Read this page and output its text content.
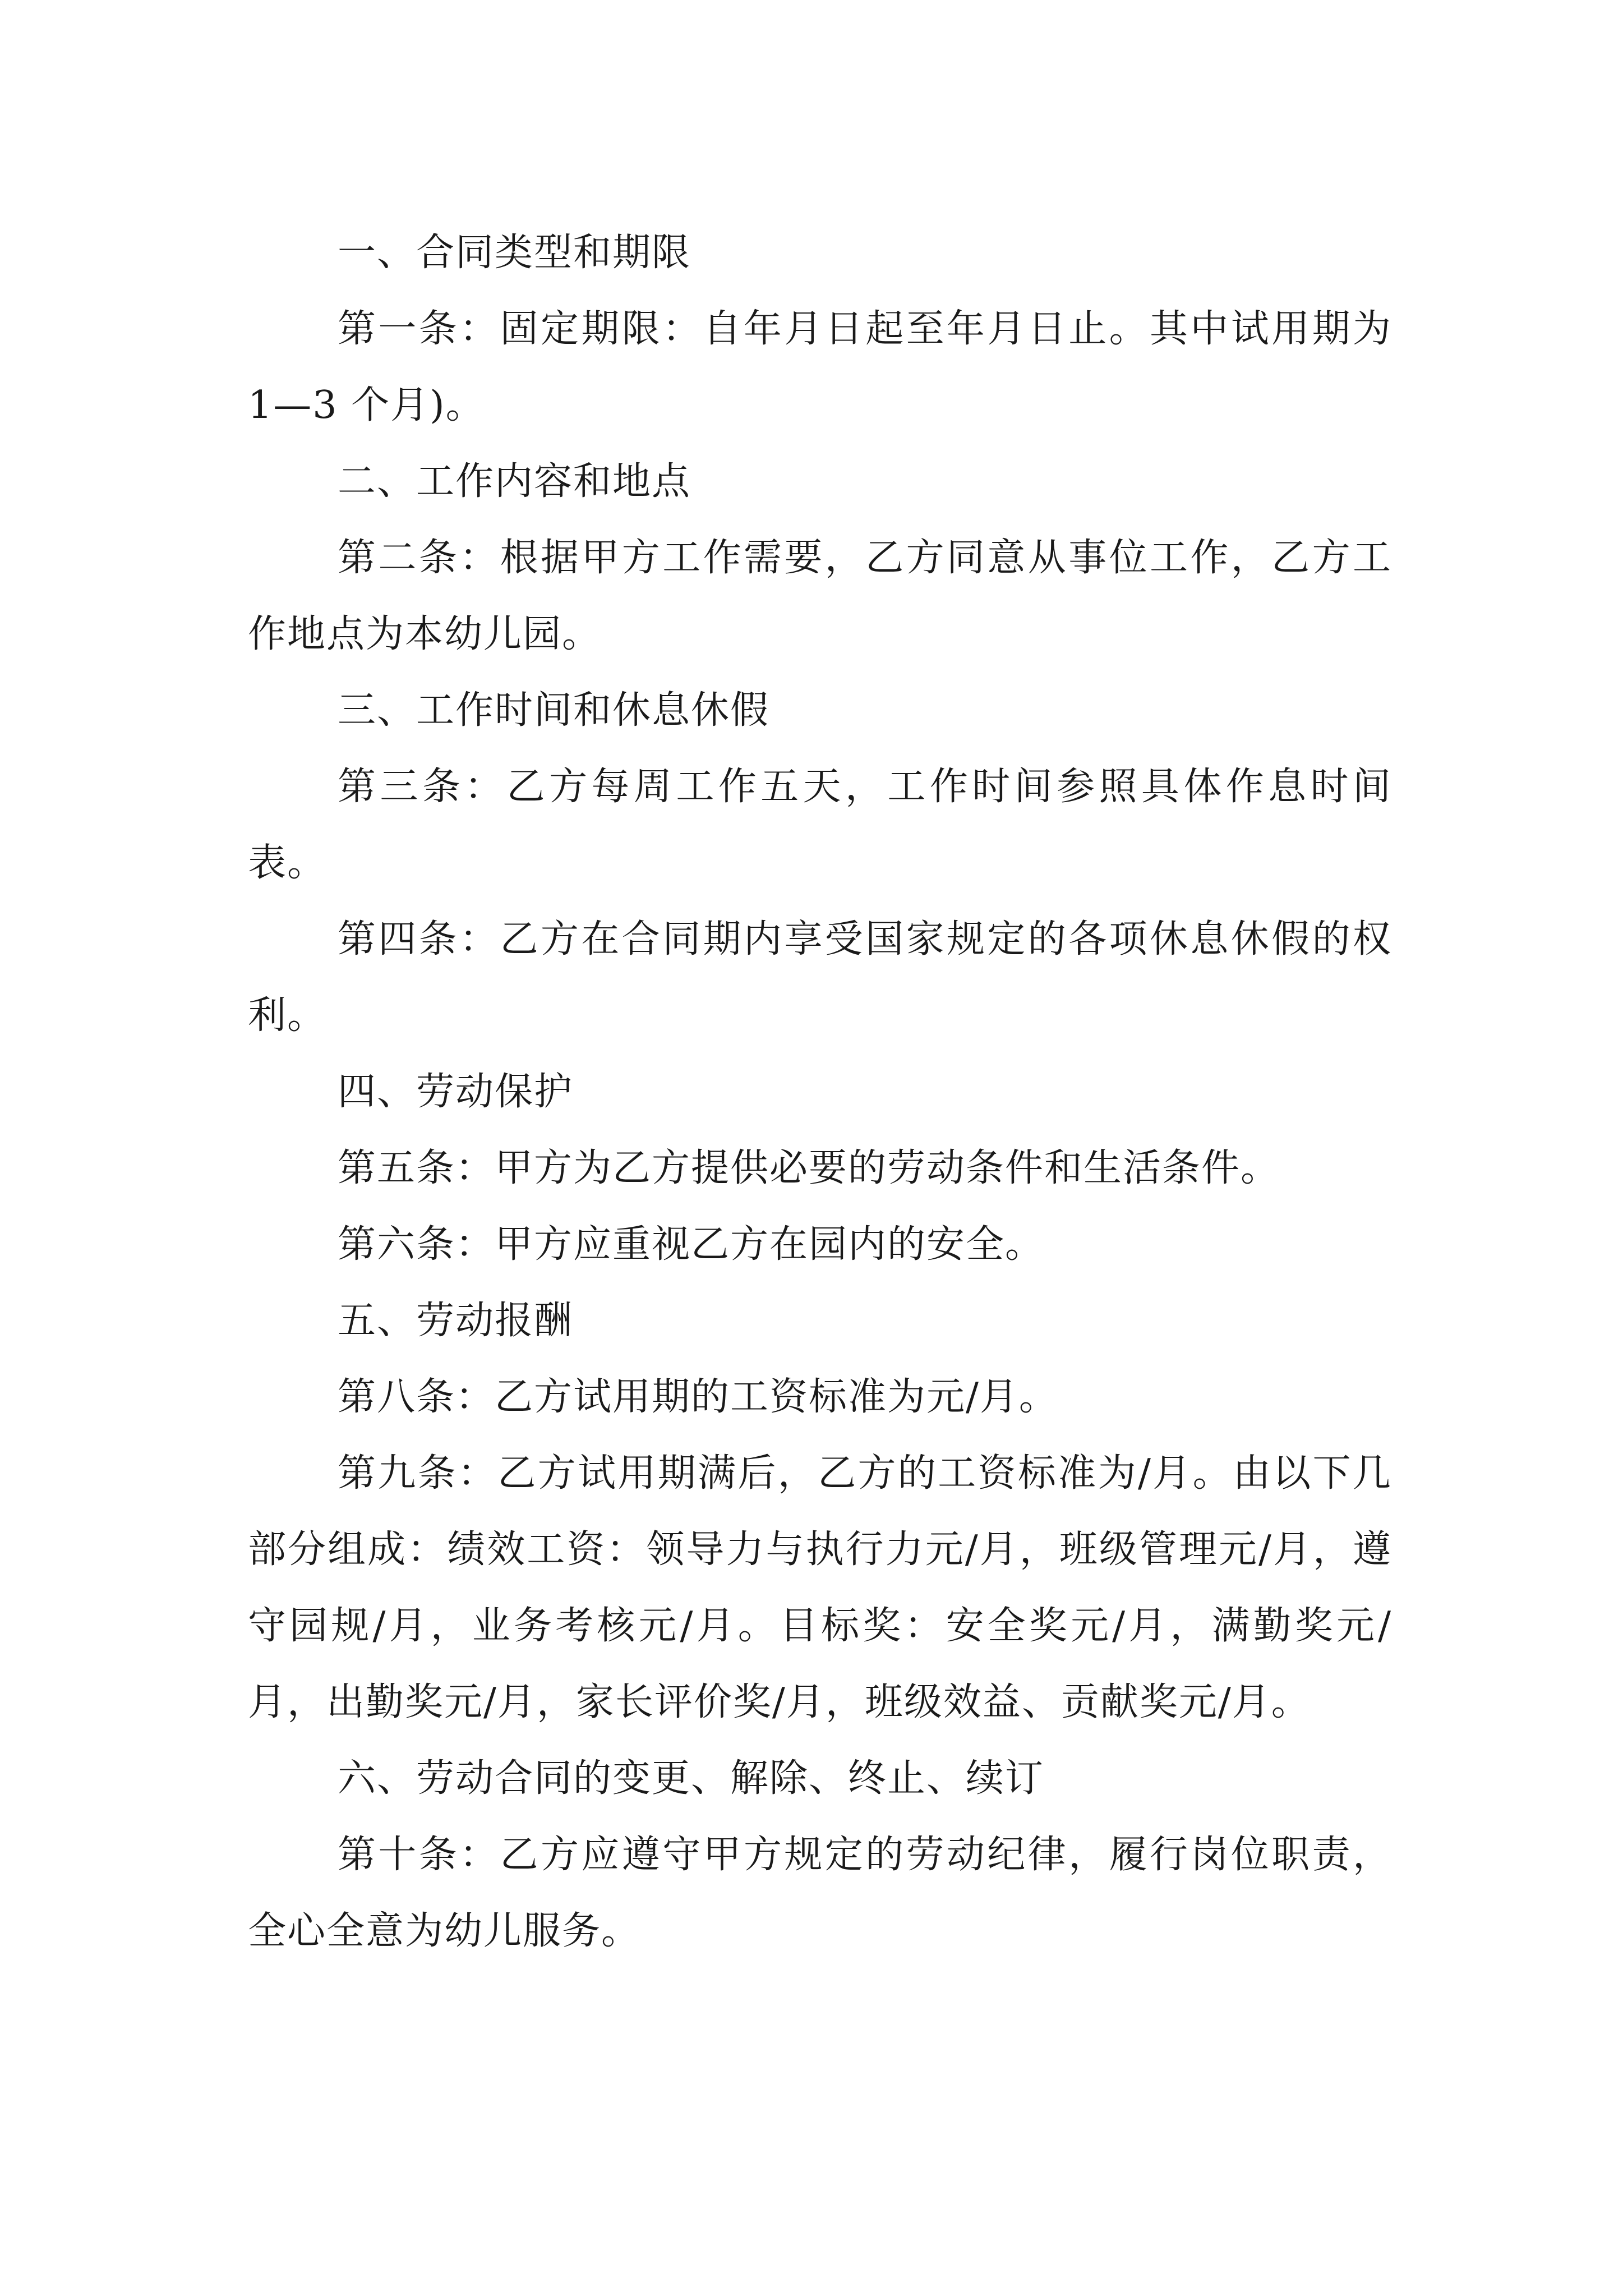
一、合同类型和期限

第一条：固定期限：自年月日起至年月日止。其中试用期为 1—3 个月)。

二、工作内容和地点

第二条：根据甲方工作需要，乙方同意从事位工作，乙方工作地点为本幼儿园。

三、工作时间和休息休假

第三条：乙方每周工作五天，工作时间参照具体作息时间表。

第四条：乙方在合同期内享受国家规定的各项休息休假的权利。

四、劳动保护

第五条：甲方为乙方提供必要的劳动条件和生活条件。

第六条：甲方应重视乙方在园内的安全。

五、劳动报酬

第八条：乙方试用期的工资标准为元/月。

第九条：乙方试用期满后，乙方的工资标准为/月。由以下几部分组成：绩效工资：领导力与执行力元/月，班级管理元/月，遵守园规/月，业务考核元/月。目标奖：安全奖元/月，满勤奖元/月，出勤奖元/月，家长评价奖/月，班级效益、贡献奖元/月。

六、劳动合同的变更、解除、终止、续订

第十条：乙方应遵守甲方规定的劳动纪律，履行岗位职责，全心全意为幼儿服务。
